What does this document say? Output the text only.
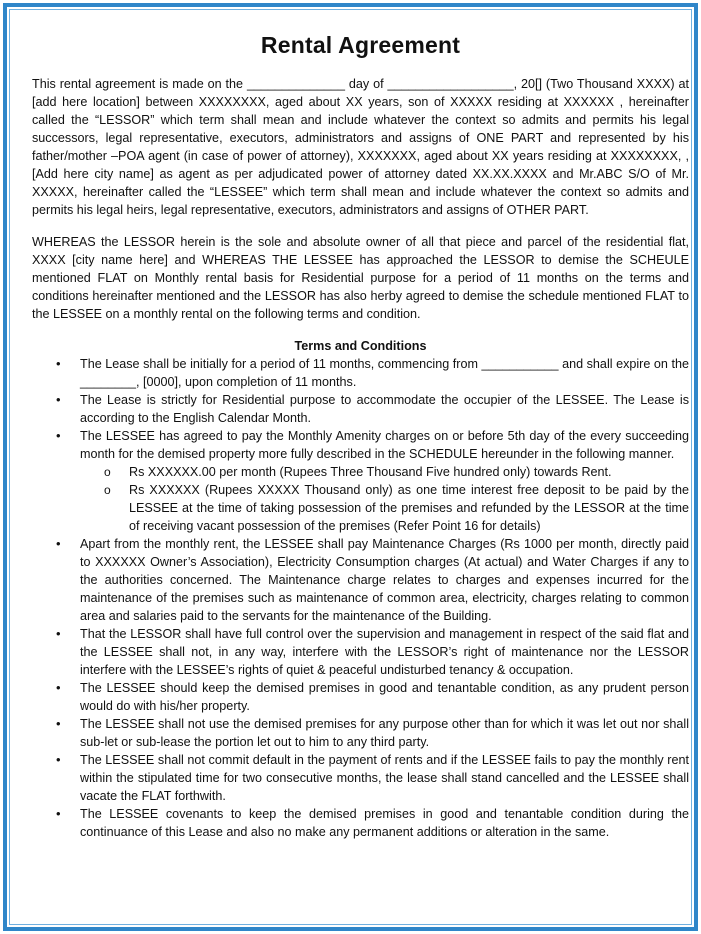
Rental Agreement

This rental agreement is made on the ______________ day of __________________, 20[] (Two Thousand XXXX) at [add here location] between XXXXXXXX, aged about XX years, son of XXXXX residing at XXXXXX , hereinafter called the “LESSOR” which term shall mean and include whatever the context so admits and permits his legal successors, legal representative, executors, administrators and assigns of ONE PART and represented by his father/mother –POA agent (in case of power of attorney), XXXXXXX, aged about XX years residing at XXXXXXXX, , [Add here city name] as agent as per adjudicated power of attorney dated XX.XX.XXXX and Mr.ABC S/O of Mr. XXXXX, hereinafter called the “LESSEE” which term shall mean and include whatever the context so admits and permits his legal heirs, legal representative, executors, administrators and assigns of OTHER PART.

WHEREAS the LESSOR herein is the sole and absolute owner of all that piece and parcel of the residential flat, XXXX [city name here] and WHEREAS THE LESSEE has approached the LESSOR to demise the SCHEULE mentioned FLAT on Monthly rental basis for Residential purpose for a period of 11 months on the terms and conditions hereinafter mentioned and the LESSOR has also herby agreed to demise the schedule mentioned FLAT to the LESSEE on a monthly rental on the following terms and condition.

Terms and Conditions
• The Lease shall be initially for a period of 11 months, commencing from ___________ and shall expire on the ________, [0000], upon completion of 11 months.
• The Lease is strictly for Residential purpose to accommodate the occupier of the LESSEE. The Lease is according to the English Calendar Month.
• The LESSEE has agreed to pay the Monthly Amenity charges on or before 5th day of the every succeeding month for the demised property more fully described in the SCHEDULE hereunder in the following manner.
o Rs XXXXXX.00 per month (Rupees Three Thousand Five hundred only) towards Rent.
o Rs XXXXXX (Rupees XXXXX Thousand only) as one time interest free deposit to be paid by the LESSEE at the time of taking possession of the premises and refunded by the LESSOR at the time of receiving vacant possession of the premises (Refer Point 16 for details)
• Apart from the monthly rent, the LESSEE shall pay Maintenance Charges (Rs 1000 per month, directly paid to XXXXXX Owner’s Association), Electricity Consumption charges (At actual) and Water Charges if any to the authorities concerned. The Maintenance charge relates to charges and expenses incurred for the maintenance of the premises such as maintenance of common area, electricity, charges relating to common area and salaries paid to the servants for the maintenance of the Building.
• That the LESSOR shall have full control over the supervision and management in respect of the said flat and the LESSEE shall not, in any way, interfere with the LESSOR’s right of maintenance nor the LESSOR interfere with the LESSEE’s rights of quiet & peaceful undisturbed tenancy & occupation.
• The LESSEE should keep the demised premises in good and tenantable condition, as any prudent person would do with his/her property.
• The LESSEE shall not use the demised premises for any purpose other than for which it was let out nor shall sub-let or sub-lease the portion let out to him to any third party.
• The LESSEE shall not commit default in the payment of rents and if the LESSEE fails to pay the monthly rent within the stipulated time for two consecutive months, the lease shall stand cancelled and the LESSEE shall vacate the FLAT forthwith.
• The LESSEE covenants to keep the demised premises in good and tenantable condition during the continuance of this Lease and also no make any permanent additions or alteration in the same.
